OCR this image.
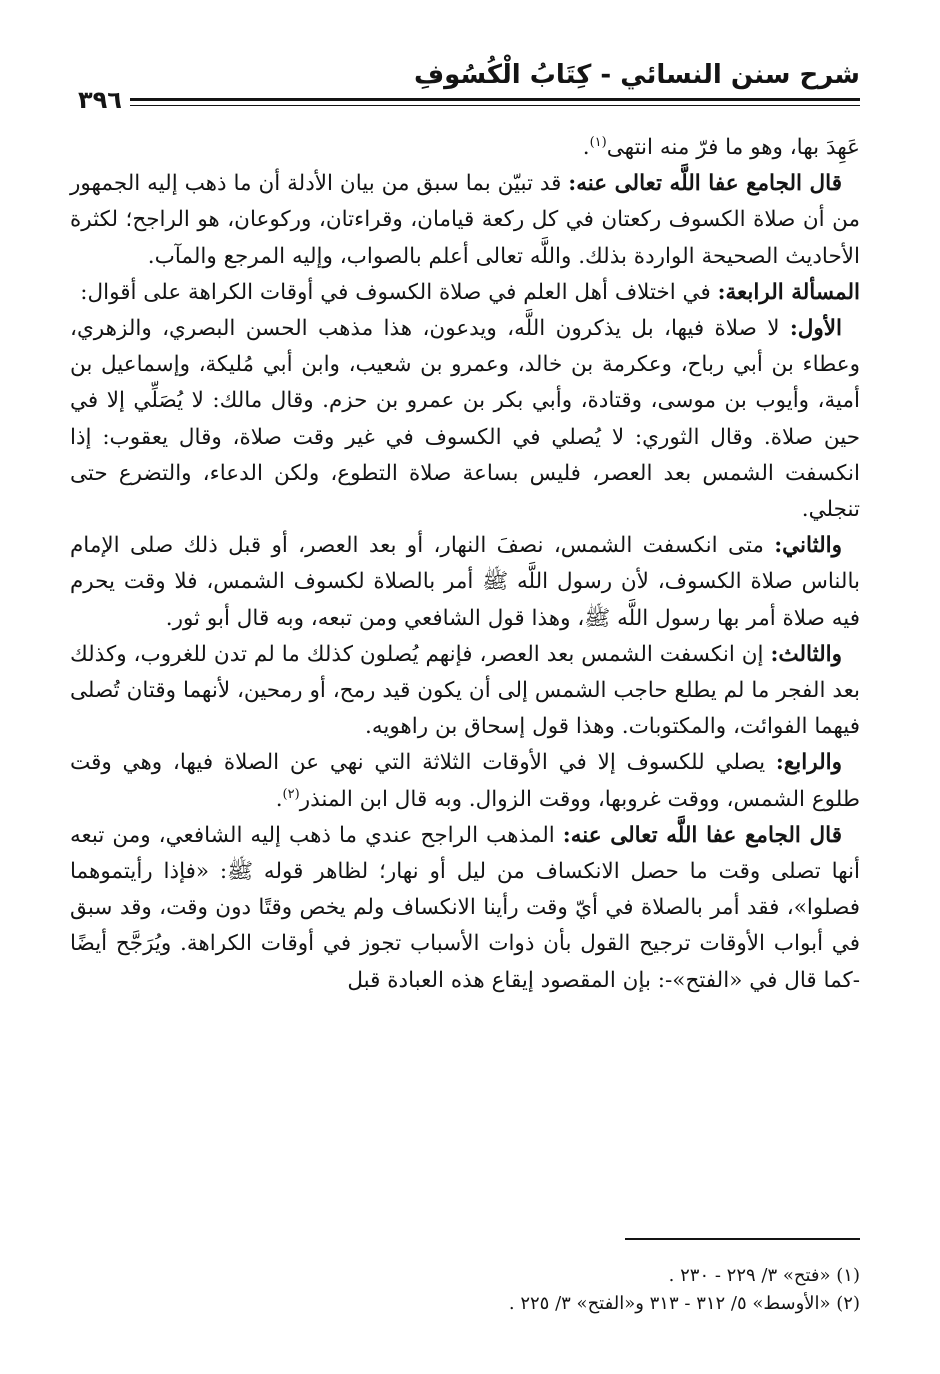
شرح سنن النسائي - كِتَابُ الْكُسُوفِ
٣٩٦

عَهِدَ بها، وهو ما فرّ منه انتهى$^{(١)}$.

قال الجامع عفا اللَّه تعالى عنه: قد تبيّن بما سبق من بيان الأدلة أن ما ذهب إليه الجمهور من أن صلاة الكسوف ركعتان في كل ركعة قيامان، وقراءتان، وركوعان، هو الراجح؛ لكثرة الأحاديث الصحيحة الواردة بذلك. واللَّه تعالى أعلم بالصواب، وإليه المرجع والمآب.

المسألة الرابعة: في اختلاف أهل العلم في صلاة الكسوف في أوقات الكراهة على أقوال:

الأول: لا صلاة فيها، بل يذكرون اللَّه، ويدعون، هذا مذهب الحسن البصري، والزهري، وعطاء بن أبي رباح، وعكرمة بن خالد، وعمرو بن شعيب، وابن أبي مُليكة، وإسماعيل بن أمية، وأيوب بن موسى، وقتادة، وأبي بكر بن عمرو بن حزم. وقال مالك: لا يُصَلِّي إلا في حين صلاة. وقال الثوري: لا يُصلي في الكسوف في غير وقت صلاة، وقال يعقوب: إذا انكسفت الشمس بعد العصر، فليس بساعة صلاة التطوع، ولكن الدعاء، والتضرع حتى تنجلي.

والثاني: متى انكسفت الشمس، نصفَ النهار، أو بعد العصر، أو قبل ذلك صلى الإمام بالناس صلاة الكسوف، لأن رسول اللَّه ﷺ أمر بالصلاة لكسوف الشمس، فلا وقت يحرم فيه صلاة أمر بها رسول اللَّه ﷺ، وهذا قول الشافعي ومن تبعه، وبه قال أبو ثور.

والثالث: إن انكسفت الشمس بعد العصر، فإنهم يُصلون كذلك ما لم تدن للغروب، وكذلك بعد الفجر ما لم يطلع حاجب الشمس إلى أن يكون قيد رمح، أو رمحين، لأنهما وقتان تُصلى فيهما الفوائت، والمكتوبات. وهذا قول إسحاق بن راهويه.

والرابع: يصلي للكسوف إلا في الأوقات الثلاثة التي نهي عن الصلاة فيها، وهي وقت طلوع الشمس، ووقت غروبها، ووقت الزوال. وبه قال ابن المنذر$^{(٢)}$.

قال الجامع عفا اللَّه تعالى عنه: المذهب الراجح عندي ما ذهب إليه الشافعي، ومن تبعه أنها تصلى وقت ما حصل الانكساف من ليل أو نهار؛ لظاهر قوله ﷺ: «فإذا رأيتموهما فصلوا»، فقد أمر بالصلاة في أيّ وقت رأينا الانكساف ولم يخص وقتًا دون وقت، وقد سبق في أبواب الأوقات ترجيح القول بأن ذوات الأسباب تجوز في أوقات الكراهة. ويُرَجَّح أيضًا -كما قال في «الفتح»-: بإن المقصود إيقاع هذه العبادة قبل

(١) «فتح» ٣/ ٢٢٩ - ٢٣٠ .

(٢) «الأوسط» ٥/ ٣١٢ - ٣١٣ و«الفتح» ٣/ ٢٢٥ .
